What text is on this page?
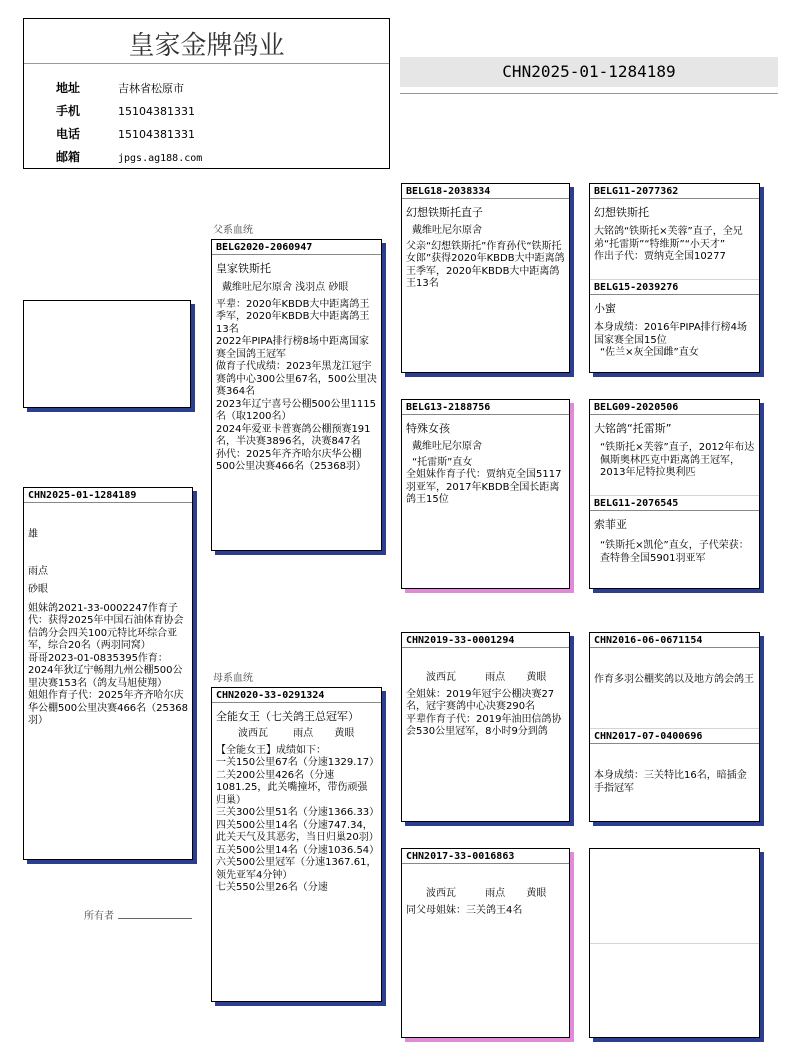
皇家金牌鸽业
地址	吉林省松原市
手机	15104381331
电话	15104381331
邮箱	jpgs.ag188.com
CHN2025-01-1284189
父系血统
母系血统
所有者
CHN2025-01-1284189
雄
雨点
砂眼
姐妹鸽2021-33-0002247作育子代：获得2025年中国石油体育协会信鸽分会四关100元特比环综合亚军，综合20名（两羽同窝）
哥哥2023-01-0835395作育：2024年狄辽宁畅翔九州公棚500公里决赛153名（鸽友马旭使翔）
姐姐作育子代：2025年齐齐哈尔庆华公棚500公里决赛466名（25368羽）
BELG2020-2060947
皇家铁斯托
戴维吐尼尔原舍 浅羽点 砂眼
平辈：2020年KBDB大中距离鸽王季军，2020年KBDB大中距离鸽王13名
2022年PIPA排行榜8场中距离国家赛全国鸽王冠军
做育子代成绩：2023年黑龙江冠宇赛鸽中心300公里67名，500公里决赛364名
2023年辽宁喜号公棚500公里1115名（取1200名）
2024年爱亚卡普赛鸽公棚预赛191名，半决赛3896名，决赛847名
孙代：2025年齐齐哈尔庆华公棚500公里决赛466名（25368羽）
CHN2020-33-0291324
全能女王（七关鸽王总冠军）
波西瓦	雨点 黄眼
【全能女王】成绩如下：
一关150公里67名（分速1329.17）
二关200公里426名（分速1081.25，此关嘴撞坏，带伤顽强归巢）
三关300公里51名（分速1366.33）
四关500公里14名（分速747.34，此关天气及其恶劣，当日归巢20羽）
五关500公里14名（分速1036.54）
六关500公里冠军（分速1367.61，领先亚军4分钟）
七关550公里26名（分速
BELG18-2038334
幻想铁斯托直子
戴维吐尼尔原舍
父亲“幻想铁斯托”作育孙代“铁斯托女郎”获得2020年KBDB大中距离鸽王季军，2020年KBDB大中距离鸽王13名
BELG13-2188756
特殊女孩
戴维吐尼尔原舍
“托雷斯”直女
全姐妹作育子代：贾纳克全国5117羽亚军，2017年KBDB全国长距离鸽王15位
CHN2019-33-0001294
波西瓦	雨点 黄眼
全姐妹：2019年冠宇公棚决赛27名，冠宇赛鸽中心决赛290名
平辈作育子代：2019年油田信鸽协会530公里冠军，8小时9分到鸽
CHN2017-33-0016863
波西瓦	雨点 黄眼
同父母姐妹：三关鸽王4名
BELG11-2077362
幻想铁斯托
大铭鸽“铁斯托×芙蓉”直子，全兄弟“托雷斯”“特维斯”“小天才”
作出子代：贾纳克全国10277
BELG15-2039276
小蜜
本身成绩：2016年PIPA排行榜4场国家赛全国15位
“佐兰×灰全国雌”直女
BELG09-2020506
大铭鸽“托雷斯”
“铁斯托×芙蓉”直子，2012年布达佩斯奥林匹克中距离鸽王冠军，2013年尼特拉奥利匹
BELG11-2076545
索菲亚
“铁斯托×凯伦”直女，子代荣获：查特鲁全国5901羽亚军
CHN2016-06-0671154
作育多羽公棚奖鸽以及地方鸽会鸽王
CHN2017-07-0400696
本身成绩：三关特比16名，暗插金手指冠军
